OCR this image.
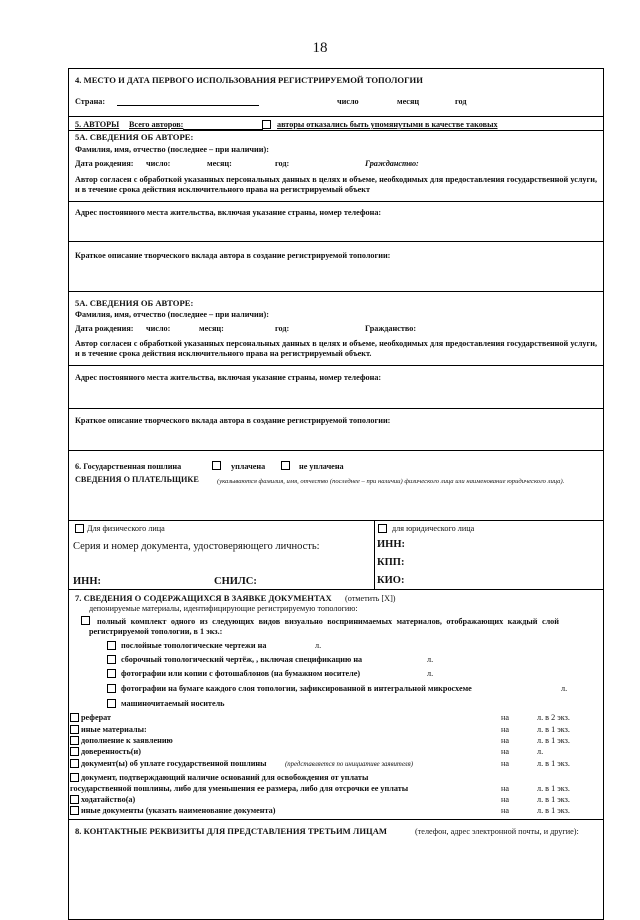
18
4. МЕСТО И ДАТА ПЕРВОГО ИСПОЛЬЗОВАНИЯ РЕГИСТРИРУЕМОЙ ТОПОЛОГИИ
Страна:	число	месяц	год
5. АВТОРЫ Всего авторов:	авторы отказались быть упомянутыми в качестве таковых
5А. СВЕДЕНИЯ ОБ АВТОРЕ:
Фамилия, имя, отчество (последнее – при наличии):
Дата рождения: число:	месяц:	год:	Гражданство:
Автор согласен с обработкой указанных персональных данных в целях и объеме, необходимых для предоставления государственной услуги, и в течение срока действия исключительного права на регистрируемый объект
Адрес постоянного места жительства, включая указание страны, номер телефона:
Краткое описание творческого вклада автора в создание регистрируемой топологии:
5А. СВЕДЕНИЯ ОБ АВТОРЕ:
Фамилия, имя, отчество (последнее – при наличии):
Дата рождения: число:	месяц:	год:	Гражданство:
Автор согласен с обработкой указанных персональных данных в целях и объеме, необходимых для предоставления государственной услуги, и в течение срока действия исключительного права на регистрируемый объект.
Адрес постоянного места жительства, включая указание страны, номер телефона:
Краткое описание творческого вклада автора в создание регистрируемой топологии:
6. Государственная пошлина	уплачена	не уплачена
СВЕДЕНИЯ О ПЛАТЕЛЬЩИКЕ	(указываются фамилия, имя, отчество (последнее – при наличии) физического лица или наименование юридического лица).
Для физического лица
Серия и номер документа, удостоверяющего личность:
ИНН:	СНИЛС:
для юридического лица
ИНН:
КПП:
КИО:
7. СВЕДЕНИЯ О СОДЕРЖАЩИХСЯ В ЗАЯВКЕ ДОКУМЕНТАХ (отметить [X])
депонируемые материалы, идентифицирующие регистрируемую топологию:
полный комплект одного из следующих видов визуально воспринимаемых материалов, отображающих каждый слой регистрируемой топологии, в 1 экз.:
послойные топологические чертежи на	л.
сборочный топологический чертёж, , включая спецификацию на	л.
фотографии или копии с фотошаблонов (на бумажном носителе)	л.
фотографии на бумаге каждого слоя топологии, зафиксированной в интегральной микросхеме	л.
машиночитаемый носитель
реферат	на	л. в 2 экз.
иные материалы:	на	л. в 1 экз.
дополнение к заявлению	на	л. в 1 экз.
доверенность(и)	на	л.
документ(ы) об уплате государственной пошлины	(представляется по инициативе заявителя)	на	л. в 1 экз.
документ, подтверждающий наличие оснований для освобождения от уплаты
государственной пошлины, либо для уменьшения ее размера, либо для отсрочки ее уплаты	на	л. в 1 экз.
ходатайство(а)	на	л. в 1 экз.
иные документы (указать наименование документа)	на	л. в 1 экз.
8. КОНТАКТНЫЕ РЕКВИЗИТЫ ДЛЯ ПРЕДСТАВЛЕНИЯ ТРЕТЬИМ ЛИЦАМ	(телефон, адрес электронной почты, и другие):
